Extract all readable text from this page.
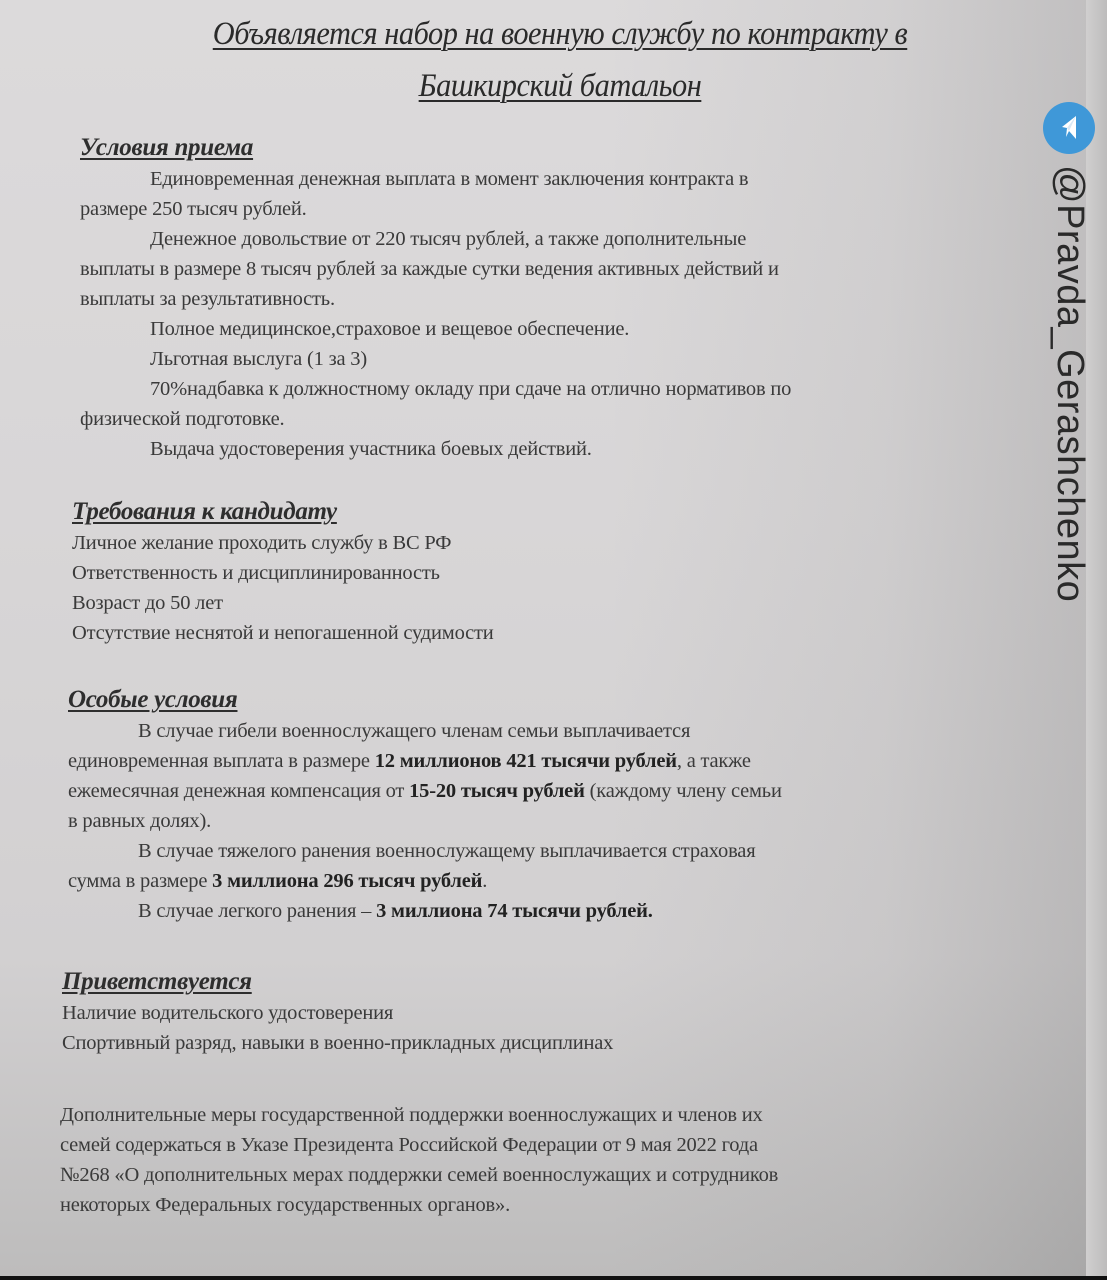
Объявляется набор на военную службу по контракту в
Башкирский батальон
Условия приема
Единовременная денежная выплата в момент заключения контракта в
размере 250 тысяч рублей.
Денежное довольствие от 220 тысяч рублей, а также дополнительные
выплаты в размере 8 тысяч рублей за каждые сутки ведения активных действий и
выплаты за результативность.
Полное медицинское,страховое и вещевое обеспечение.
Льготная выслуга (1 за 3)
70%надбавка к должностному окладу при сдаче на отлично нормативов по
физической подготовке.
Выдача удостоверения участника боевых действий.
Требования к кандидату
Личное желание проходить службу в ВС РФ
Ответственность и дисциплинированность
Возраст до 50 лет
Отсутствие неснятой и непогашенной судимости
Особые условия
В случае гибели военнослужащего членам семьи выплачивается
единовременная выплата в размере 12 миллионов 421 тысячи рублей, а также
ежемесячная денежная компенсация от 15-20 тысяч рублей (каждому члену семьи
в равных долях).
В случае тяжелого ранения военнослужащему выплачивается страховая
сумма в размере 3 миллиона 296 тысяч рублей.
В случае легкого ранения – 3 миллиона 74 тысячи рублей.
Приветствуется
Наличие водительского удостоверения
Спортивный разряд, навыки в военно-прикладных дисциплинах
Дополнительные меры государственной поддержки военнослужащих и членов их
семей содержаться в Указе Президента Российской Федерации от 9 мая 2022 года
№268 «О дополнительных мерах поддержки семей военнослужащих и сотрудников
некоторых Федеральных государственных органов».
@Pravda_Gerashchenko
